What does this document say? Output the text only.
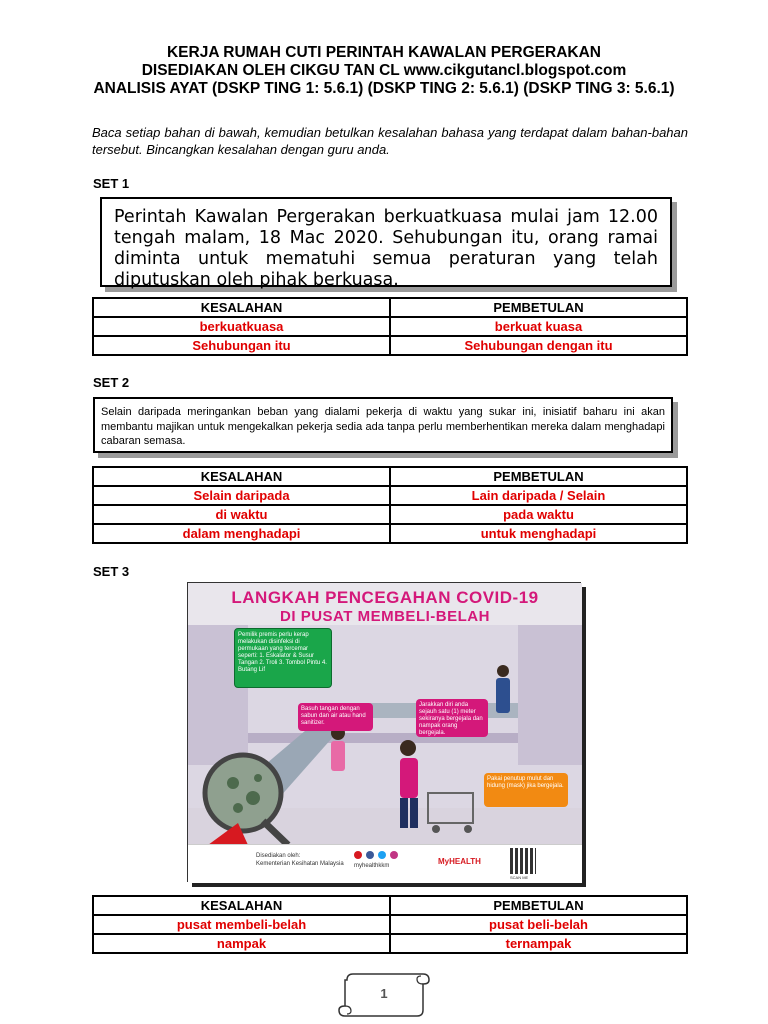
KERJA RUMAH CUTI PERINTAH KAWALAN PERGERAKAN
DISEDIAKAN OLEH CIKGU TAN CL www.cikgutancl.blogspot.com
ANALISIS AYAT (DSKP TING 1: 5.6.1) (DSKP TING 2: 5.6.1) (DSKP TING 3: 5.6.1)
Baca setiap bahan di bawah, kemudian betulkan kesalahan bahasa yang terdapat dalam bahan-bahan tersebut. Bincangkan kesalahan dengan guru anda.
SET 1
Perintah Kawalan Pergerakan berkuatkuasa mulai jam 12.00 tengah malam, 18 Mac 2020. Sehubungan itu, orang ramai diminta untuk mematuhi semua peraturan yang telah diputuskan oleh pihak berkuasa.
KESALAHAN	PEMBETULAN
berkuatkuasa	berkuat kuasa
Sehubungan itu	Sehubungan dengan itu
SET 2
Selain daripada meringankan beban yang dialami pekerja di waktu yang sukar ini, inisiatif baharu ini akan membantu majikan untuk mengekalkan pekerja sedia ada tanpa perlu memberhentikan mereka dalam menghadapi cabaran semasa.
KESALAHAN	PEMBETULAN
Selain daripada	Lain daripada / Selain
di waktu	pada waktu
dalam menghadapi	untuk menghadapi
SET 3
LANGKAH PENCEGAHAN COVID-19
DI PUSAT MEMBELI-BELAH
Pemilik premis perlu kerap melakukan disinfeksi di permukaan yang tercemar seperti: 1. Eskalator & Susur Tangan 2. Troli 3. Tombol Pintu 4. Butang Lif
Basuh tangan dengan sabun dan air atau hand sanitizer.
Jarakkan diri anda sejauh satu (1) meter sekiranya bergejala dan nampak orang bergejala.
Pakai penutup mulut dan hidung (mask) jika bergejala.
Disediakan oleh:
Kementerian Kesihatan Malaysia myhealthkkm	MyHEALTH
SCAN ME
KESALAHAN	PEMBETULAN
pusat membeli-belah	pusat beli-belah
nampak	ternampak
1
